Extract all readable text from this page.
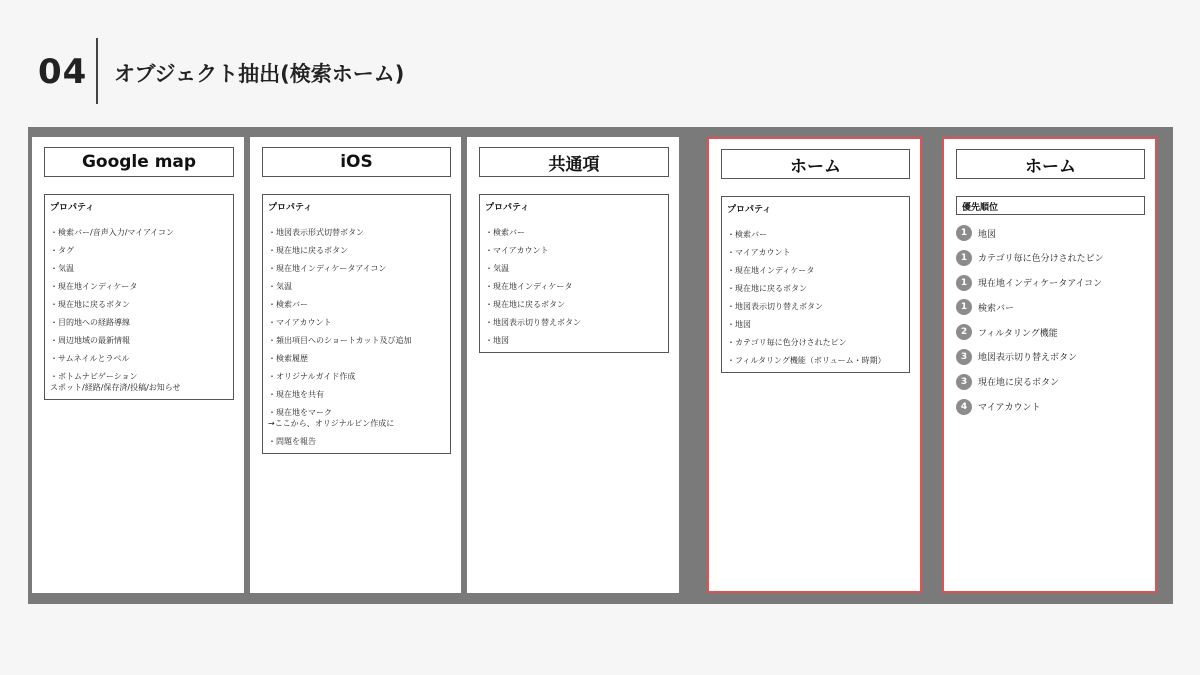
04 オブジェクト抽出(検索ホーム)
Google map
プロパティ
・検索バー/音声入力/マイアイコン
・タグ
・気温
・現在地インディケータ
・現在地に戻るボタン
・目的地への経路導線
・周辺地域の最新情報
・サムネイルとラベル
・ボトムナビゲーション
スポット/経路/保存済/投稿/お知らせ
iOS
プロパティ
・地図表示形式切替ボタン
・現在地に戻るボタン
・現在地インディケータアイコン
・気温
・検索バー
・マイアカウント
・頻出項目へのショートカット及び追加
・検索履歴
・オリジナルガイド作成
・現在地を共有
・現在地をマーク
→ここから、オリジナルピン作成に
・問題を報告
共通項
プロパティ
・検索バー
・マイアカウント
・気温
・現在地インディケータ
・現在地に戻るボタン
・地図表示切り替えボタン
・地図
ホーム
プロパティ
・検索バー
・マイアカウント
・現在地インディケータ
・現在地に戻るボタン
・地図表示切り替えボタン
・地図
・カテゴリ毎に色分けされたピン
・フィルタリング機能（ボリューム・時期）
ホーム
優先順位
1	地図
1	カテゴリ毎に色分けされたピン
1	現在地インディケータアイコン
1	検索バー
2	フィルタリング機能
3	地図表示切り替えボタン
3	現在地に戻るボタン
4	マイアカウント
